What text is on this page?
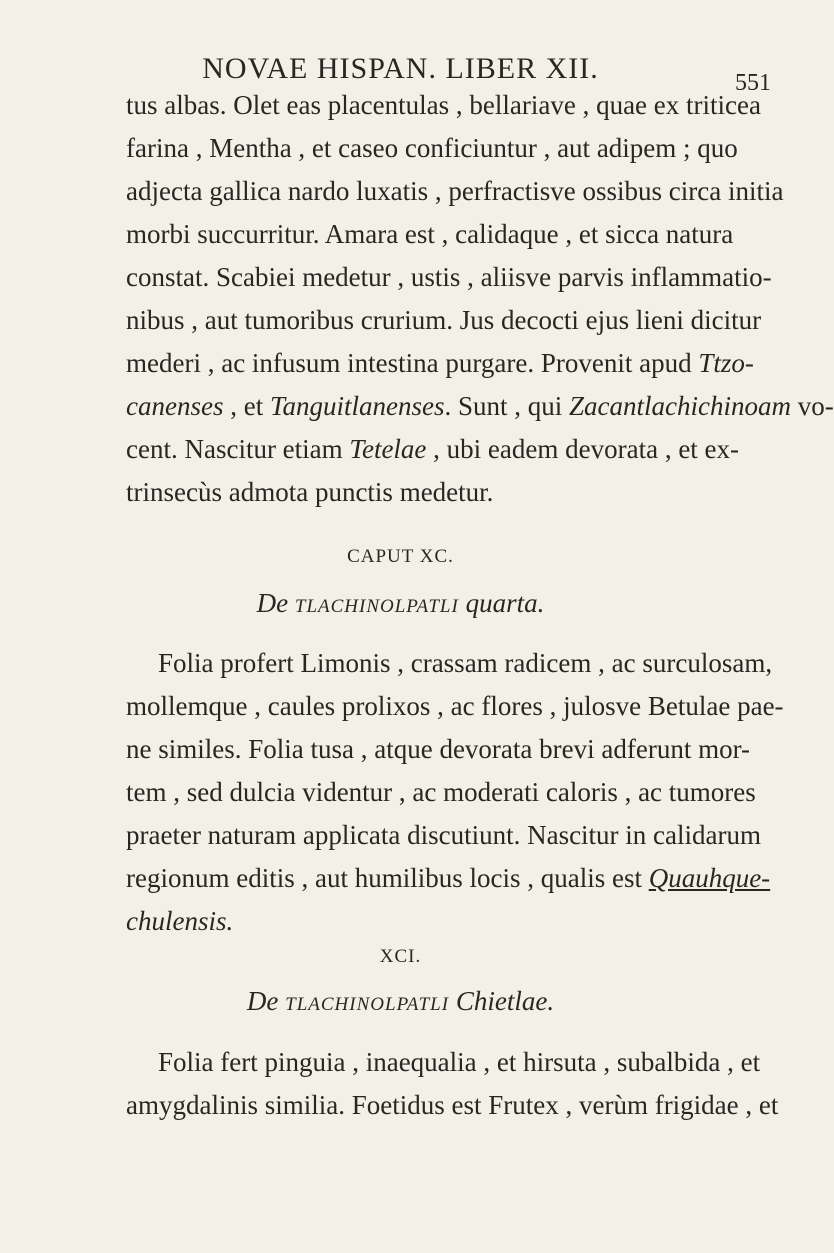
NOVAE HISPAN. LIBER XII.	551
tus albas. Olet eas placentulas , bellariave , quae ex triticea
farina , Mentha , et caseo conficiuntur , aut adipem ; quo
adjecta gallica nardo luxatis , perfractisve ossibus circa initia
morbi succurritur. Amara est , calidaque , et sicca natura
constat. Scabiei medetur , ustis , aliisve parvis inflammatio-
nibus , aut tumoribus crurium. Jus decocti ejus lieni dicitur
mederi , ac infusum intestina purgare. Provenit apud Ttzo-
canenses , et Tanguitlanenses. Sunt , qui Zacantlachichinoam vo-
cent. Nascitur etiam Tetelae , ubi eadem devorata , et ex-
trinsecùs admota punctis medetur.
CAPUT XC.
De TLACHINOLPATLI quarta.
Folia profert Limonis , crassam radicem , ac surculosam,
mollemque , caules prolixos , ac flores , julosve Betulae pae-
ne similes. Folia tusa , atque devorata brevi adferunt mor-
tem , sed dulcia videntur , ac moderati caloris , ac tumores
praeter naturam applicata discutiunt. Nascitur in calidarum
regionum editis , aut humilibus locis , qualis est Quauhque-
chulensis.
XCI.
De TLACHINOLPATLI Chietlae.
Folia fert pinguia , inaequalia , et hirsuta , subalbida , et
amygdalinis similia. Foetidus est Frutex , verùm frigidae , et
